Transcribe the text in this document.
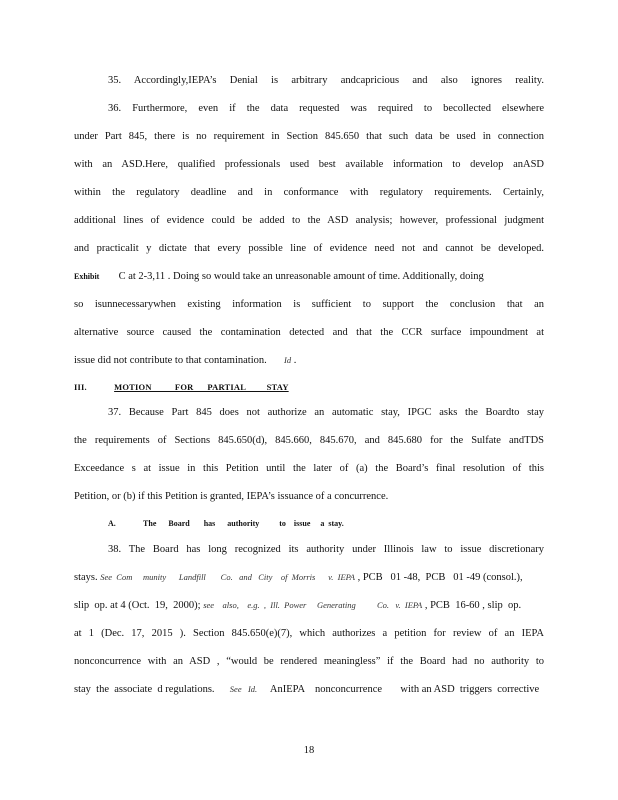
35. Accordingly,IEPA’s Denial is arbitrary andcapricious and also ignores reality.
36. Furthermore, even if the data requested was required to becollected elsewhere
under Part 845, there is no requirement in Section 845.650 that such data be used in connection
with an ASD.Here, qualified professionals used best available information to develop anASD
within the regulatory deadline and in conformance with regulatory requirements. Certainly,
additional lines of evidence could be added to the ASD analysis; however, professional judgment
and practicalit y dictate that every possible line of evidence need not and cannot be developed.
Exhibit C at 2-3,11 . Doing so would take an unreasonable amount of time. Additionally, doing
so isunnecessarywhen existing information is sufficient to support the conclusion that an
alternative source caused the contamination detected and that the CCR surface impoundment at
issue did not contribute to that contamination. Id .
III.	MOTION          FOR      PARTIAL         STAY
37. Because Part 845 does not authorize an automatic stay, IPGC asks the Boardto stay
the requirements of Sections 845.650(d), 845.660, 845.670, and 845.680 for the Sulfate andTDS
Exceedance s at issue in this Petition until the later of (a) the Board’s final resolution of this
Petition, or (b) if this Petition is granted, IEPA’s issuance of a concurrence.
A.	The      Board       has      authority          to    issue     a  stay.
38. The Board has long recognized its authority under Illinois law to issue discretionary
stays. See  Com     munity      Landfill       Co.   and   City    of  Morris      v.  IEPA , PCB   01 -48,  PCB   01 -49 (consol.),
slip  op. at 4 (Oct.  19,  2000); see    also,    e.g.  ,  Ill.  Power     Generating          Co.   v.  IEPA , PCB  16-60 , slip  op.
at 1 (Dec. 17, 2015 ). Section 845.650(e)(7), which authorizes a petition for review of an IEPA
nonconcurrence with an ASD , “would be rendered meaningless” if the Board had no authority to
stay  the  associate  d regulations. See   Id. AnIEPA    nonconcurrence       with an ASD  triggers  corrective
18
